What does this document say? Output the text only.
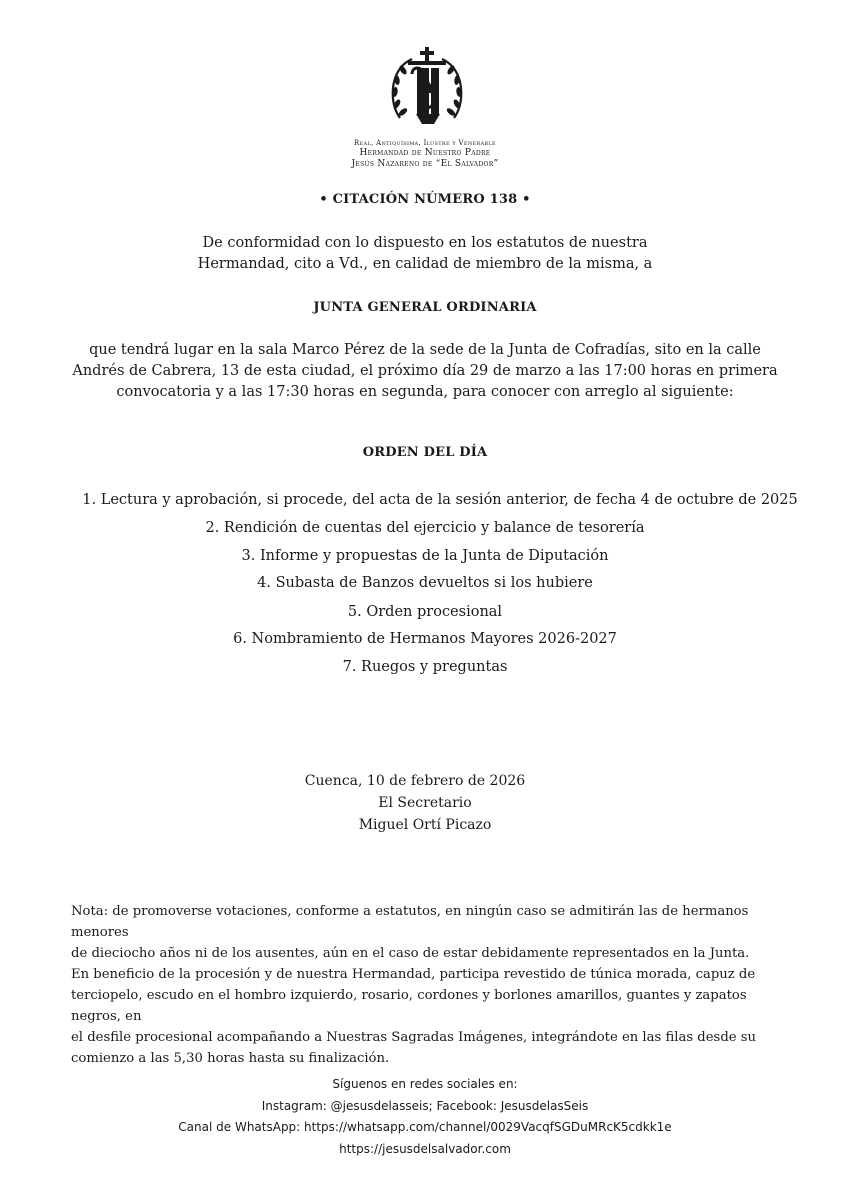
Real, Antiquísima, Ilustre y Venerable
Hermandad de Nuestro Padre
Jesús Nazareno de “El Salvador”
• CITACIÓN NÚMERO 138 •
De conformidad con lo dispuesto en los estatutos de nuestra
Hermandad, cito a Vd., en calidad de miembro de la misma, a
JUNTA GENERAL ORDINARIA
que tendrá lugar en la sala Marco Pérez de la sede de la Junta de Cofradías, sito en la calle
Andrés de Cabrera, 13 de esta ciudad, el próximo día 29 de marzo a las 17:00 horas en primera
convocatoria y a las 17:30 horas en segunda, para conocer con arreglo al siguiente:
ORDEN DEL DÍA
1. Lectura y aprobación, si procede, del acta de la sesión anterior, de fecha 4 de octubre de 2025
2. Rendición de cuentas del ejercicio y balance de tesorería
3. Informe y propuestas de la Junta de Diputación
4. Subasta de Banzos devueltos si los hubiere
5. Orden procesional
6. Nombramiento de Hermanos Mayores 2026-2027
7. Ruegos y preguntas
Cuenca, 10 de febrero de 2026
El Secretario
Miguel Ortí Picazo
Nota: de promoverse votaciones, conforme a estatutos, en ningún caso se admitirán las de hermanos menores
de dieciocho años ni de los ausentes, aún en el caso de estar debidamente representados en la Junta.
En beneficio de la procesión y de nuestra Hermandad, participa revestido de túnica morada, capuz de
terciopelo, escudo en el hombro izquierdo, rosario, cordones y borlones amarillos, guantes y zapatos negros, en
el desfile procesional acompañando a Nuestras Sagradas Imágenes, integrándote en las filas desde su
comienzo a las 5,30 horas hasta su finalización.
Síguenos en redes sociales en:
Instagram: @jesusdelasseis; Facebook: JesusdelasSeis
Canal de WhatsApp: https://whatsapp.com/channel/0029VacqfSGDuMRcK5cdkk1e
https://jesusdelsalvador.com
